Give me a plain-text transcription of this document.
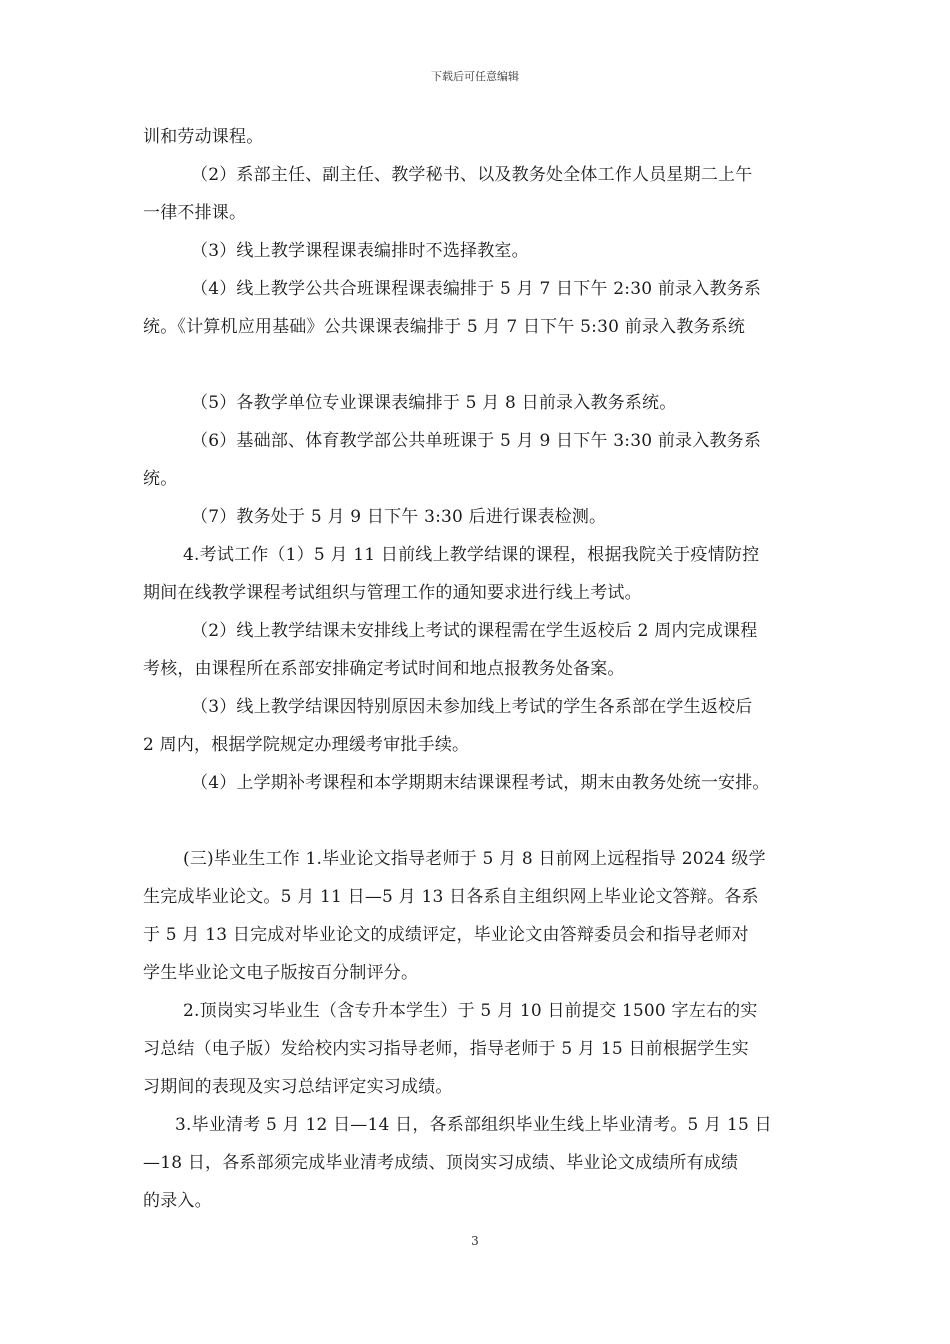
下载后可任意编辑
训和劳动课程。
（2）系部主任、副主任、教学秘书、以及教务处全体工作人员星期二上午
一律不排课。
（3）线上教学课程课表编排时不选择教室。
（4）线上教学公共合班课程课表编排于 5 月 7 日下午 2:30 前录入教务系
统。《计算机应用基础》公共课课表编排于 5 月 7 日下午 5:30 前录入教务系统
（5）各教学单位专业课课表编排于 5 月 8 日前录入教务系统。
（6）基础部、体育教学部公共单班课于 5 月 9 日下午 3:30 前录入教务系
统。
（7）教务处于 5 月 9 日下午 3:30 后进行课表检测。
4.考试工作（1）5 月 11 日前线上教学结课的课程，根据我院关于疫情防控
期间在线教学课程考试组织与管理工作的通知要求进行线上考试。
（2）线上教学结课未安排线上考试的课程需在学生返校后 2 周内完成课程
考核，由课程所在系部安排确定考试时间和地点报教务处备案。
（3）线上教学结课因特别原因未参加线上考试的学生各系部在学生返校后
2 周内，根据学院规定办理缓考审批手续。
（4）上学期补考课程和本学期期末结课课程考试，期末由教务处统一安排。
(三)毕业生工作 1.毕业论文指导老师于 5 月 8 日前网上远程指导 2024 级学
生完成毕业论文。5 月 11 日—5 月 13 日各系自主组织网上毕业论文答辩。各系
于 5 月 13 日完成对毕业论文的成绩评定，毕业论文由答辩委员会和指导老师对
学生毕业论文电子版按百分制评分。
2.顶岗实习毕业生（含专升本学生）于 5 月 10 日前提交 1500 字左右的实
习总结（电子版）发给校内实习指导老师，指导老师于 5 月 15 日前根据学生实
习期间的表现及实习总结评定实习成绩。
3.毕业清考 5 月 12 日—14 日，各系部组织毕业生线上毕业清考。5 月 15 日
—18 日，各系部须完成毕业清考成绩、顶岗实习成绩、毕业论文成绩所有成绩
的录入。
3
